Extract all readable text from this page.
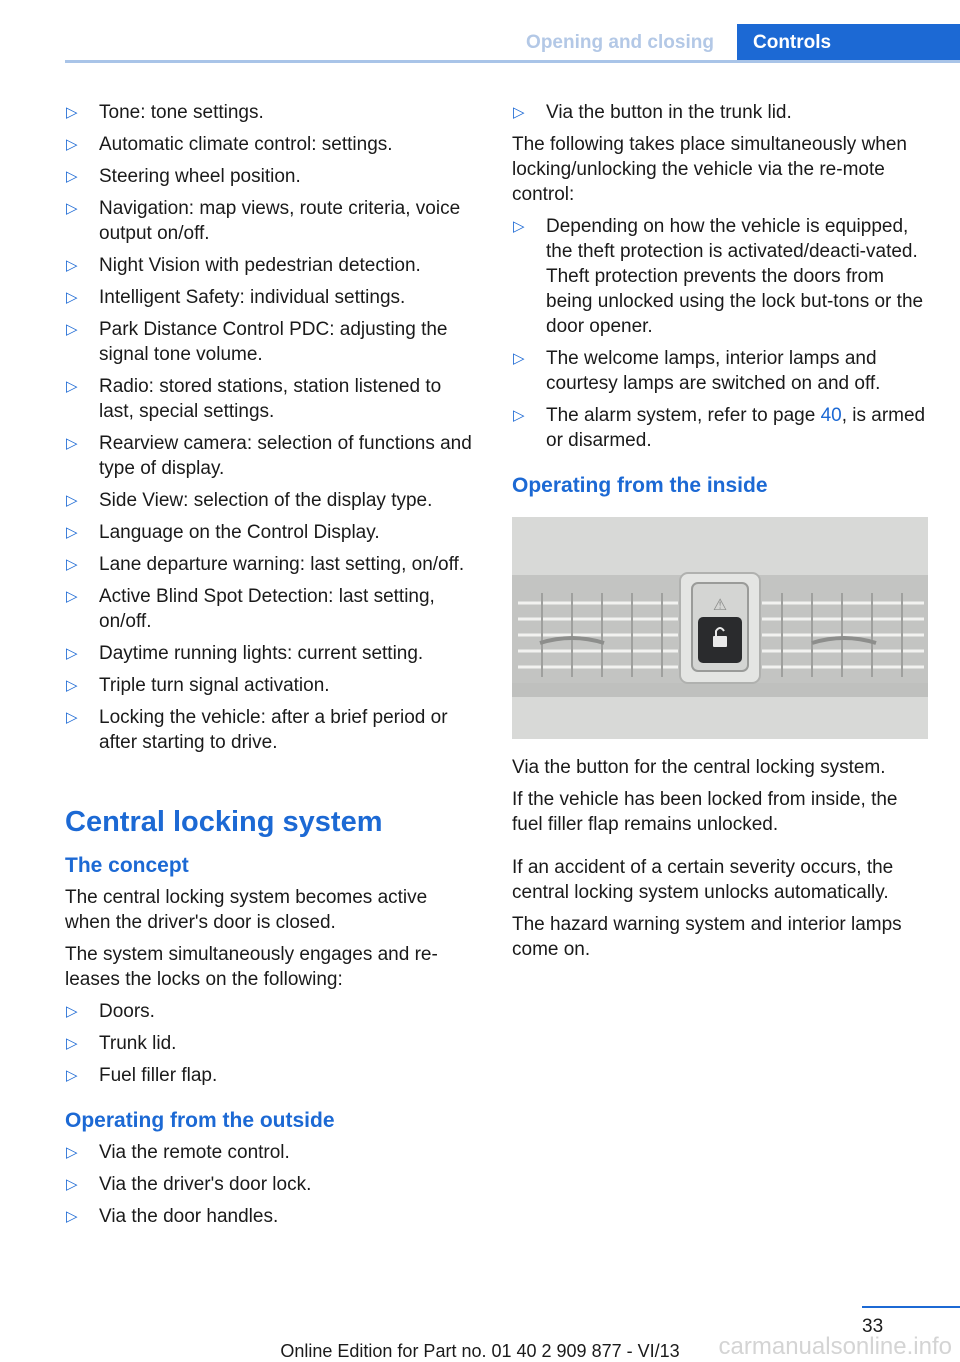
Opening and closing	Controls
▷ Tone: tone settings.
▷ Automatic climate control: settings.
▷ Steering wheel position.
▷ Navigation: map views, route criteria, voice output on/off.
▷ Night Vision with pedestrian detection.
▷ Intelligent Safety: individual settings.
▷ Park Distance Control PDC: adjusting the signal tone volume.
▷ Radio: stored stations, station listened to last, special settings.
▷ Rearview camera: selection of functions and type of display.
▷ Side View: selection of the display type.
▷ Language on the Control Display.
▷ Lane departure warning: last setting, on/off.
▷ Active Blind Spot Detection: last setting, on/off.
▷ Daytime running lights: current setting.
▷ Triple turn signal activation.
▷ Locking the vehicle: after a brief period or after starting to drive.
Central locking system
The concept

The central locking system becomes active when the driver's door is closed.

The system simultaneously engages and re‐leases the locks on the following:

▷ Doors.
▷ Trunk lid.
▷ Fuel filler flap.
Operating from the outside
▷ Via the remote control.
▷ Via the driver's door lock.
▷ Via the door handles.
▷ Via the button in the trunk lid.

The following takes place simultaneously when locking/unlocking the vehicle via the re‐mote control:

▷ Depending on how the vehicle is equipped, the theft protection is activated/deacti‐vated. Theft protection prevents the doors from being unlocked using the lock but‐tons or the door opener.
▷ The welcome lamps, interior lamps and courtesy lamps are switched on and off.
▷ The alarm system, refer to page 40, is armed or disarmed.
Operating from the inside
⚠

Via the button for the central locking system.

If the vehicle has been locked from inside, the fuel filler flap remains unlocked.

If an accident of a certain severity occurs, the central locking system unlocks automatically.

The hazard warning system and interior lamps come on.

33
Online Edition for Part no. 01 40 2 909 877 - VI/13	carmanualsonline.info
